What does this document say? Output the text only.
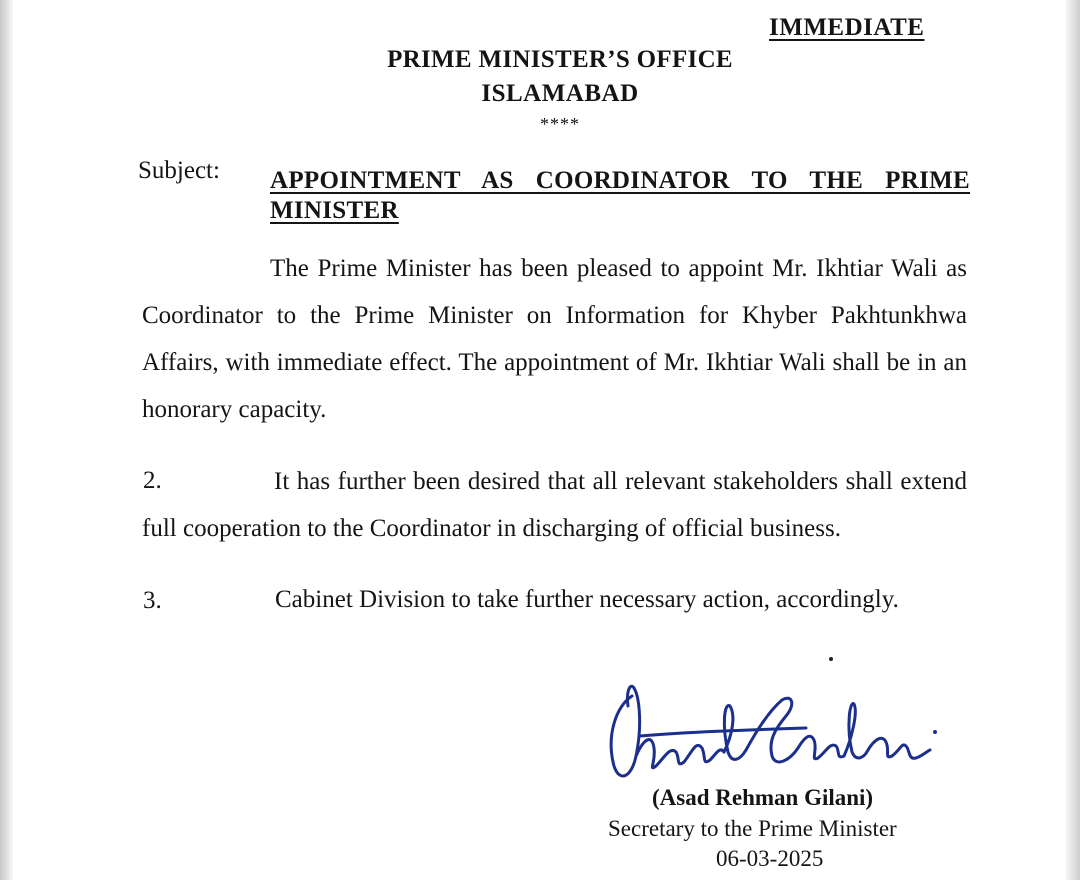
IMMEDIATE
PRIME MINISTER’S OFFICE
ISLAMABAD
****
Subject: APPOINTMENT AS COORDINATOR TO THE PRIME MINISTER
The Prime Minister has been pleased to appoint Mr. Ikhtiar Wali as Coordinator to the Prime Minister on Information for Khyber Pakhtunkhwa Affairs, with immediate effect. The appointment of Mr. Ikhtiar Wali shall be in an honorary capacity.
2.	It has further been desired that all relevant stakeholders shall extend full cooperation to the Coordinator in discharging of official business.
3.	Cabinet Division to take further necessary action, accordingly.
(Asad Rehman Gilani)
Secretary to the Prime Minister
06-03-2025
